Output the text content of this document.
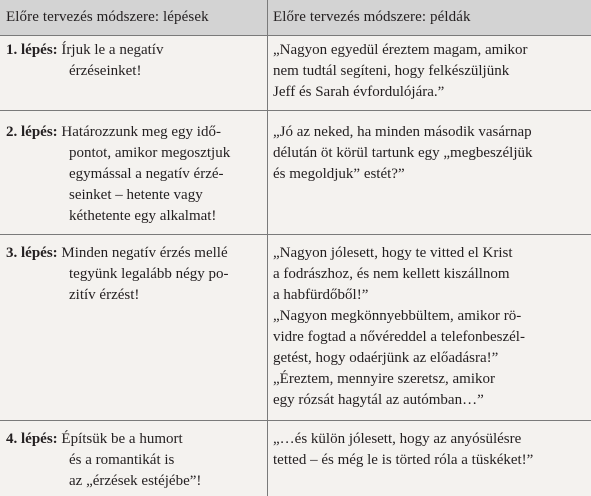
Előre tervezés módszere: lépések	Előre tervezés módszere: példák
1. lépés: Írjuk le a negatív
érzéseinket!
„Nagyon egyedül éreztem magam, amikor
nem tudtál segíteni, hogy felkészüljünk
Jeff és Sarah évfordulójára.”
2. lépés: Határozzunk meg egy idő-
pontot, amikor megosztjuk
egymással a negatív érzé-
seinket – hetente vagy
kéthetente egy alkalmat!
„Jó az neked, ha minden második vasárnap
délután öt körül tartunk egy „megbeszéljük
és megoldjuk” estét?”
3. lépés: Minden negatív érzés mellé
tegyünk legalább négy po-
zitív érzést!
„Nagyon jólesett, hogy te vitted el Krist
a fodrászhoz, és nem kellett kiszállnom
a habfürdőből!”
„Nagyon megkönnyebbültem, amikor rö-
vidre fogtad a nővéreddel a telefonbeszél-
getést, hogy odaérjünk az előadásra!”
„Éreztem, mennyire szeretsz, amikor
egy rózsát hagytál az autómban…”
4. lépés: Építsük be a humort
és a romantikát is
az „érzések estéjébe”!
„…és külön jólesett, hogy az anyósülésre
tetted – és még le is törted róla a tüskéket!”
